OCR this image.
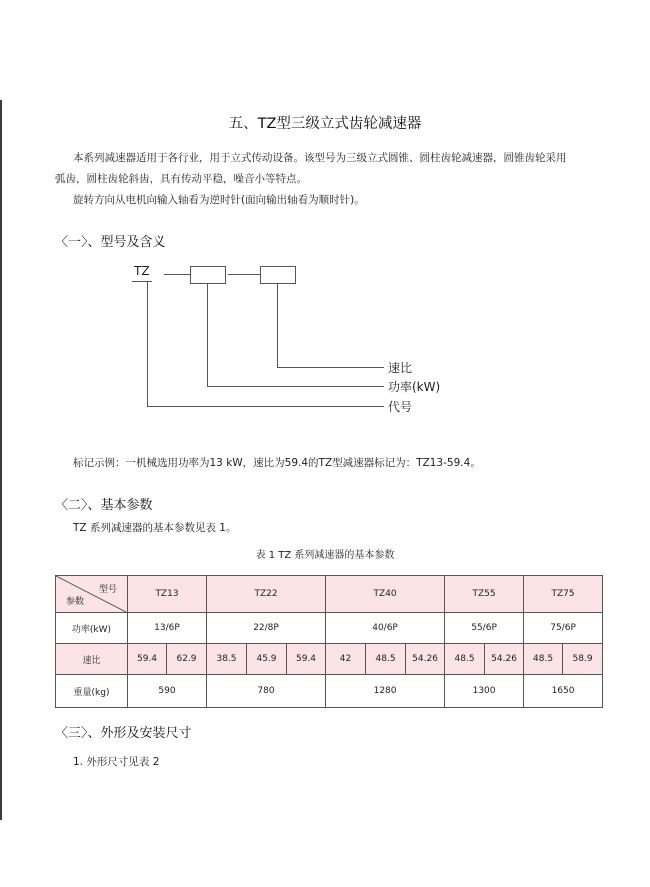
五、TZ型三级立式齿轮减速器
本系列减速器适用于各行业，用于立式传动设备。该型号为三级立式圆锥、圆柱齿轮减速器，圆锥齿轮采用
弧齿，圆柱齿轮斜齿，具有传动平稳，噪音小等特点。
旋转方向从电机向输入轴看为逆时针(面向输出轴看为顺时针)。
〈一〉、型号及含义
TZ
速比
功率(kW)
代号
标记示例：一机械选用功率为13 kW，速比为59.4的TZ型减速器标记为：TZ13-59.4。
〈二〉、基本参数
TZ 系列减速器的基本参数见表 1。
表 1 TZ 系列减速器的基本参数
型号
参数	TZ13		TZ22			TZ40			TZ55		TZ75	
功率(kW)	13/6P		22/8P			40/6P			55/6P		75/6P	
速比	59.4	62.9	38.5	45.9	59.4	42	48.5	54.26	48.5	54.26	48.5	58.9
重量(kg)	590		780			1280			1300		1650	
〈三〉、外形及安装尺寸
1. 外形尺寸见表 2
